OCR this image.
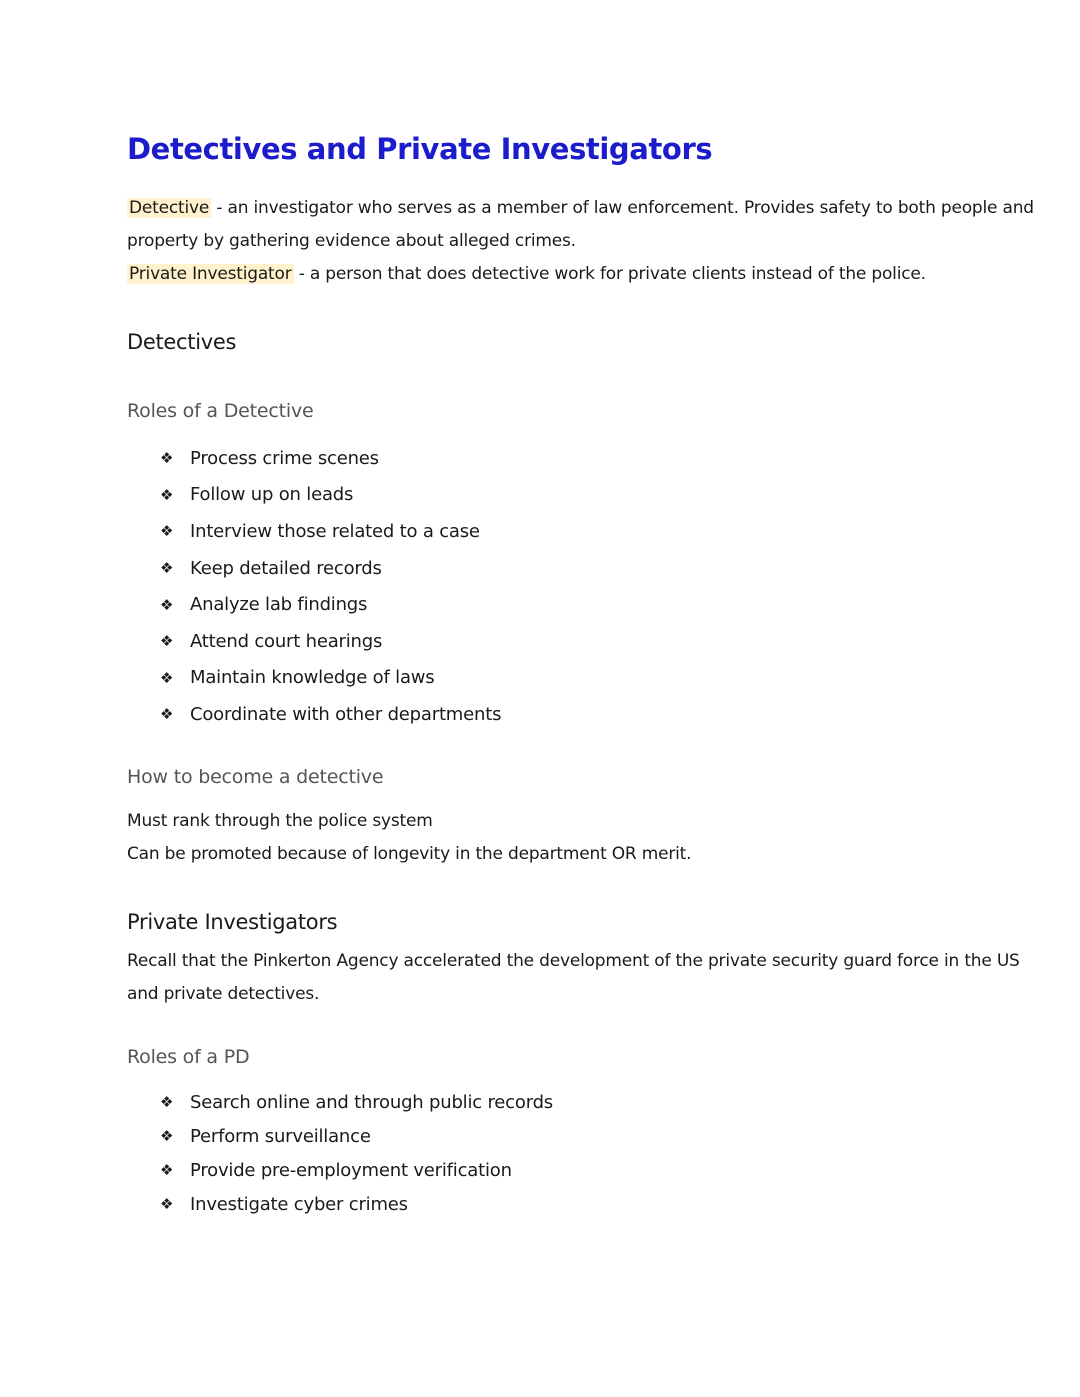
Detectives and Private Investigators

Detective - an investigator who serves as a member of law enforcement. Provides safety to both people and

property by gathering evidence about alleged crimes.

Private Investigator - a person that does detective work for private clients instead of the police.

Detectives
Roles of a Detective
❖ Process crime scenes
❖ Follow up on leads
❖ Interview those related to a case
❖ Keep detailed records
❖ Analyze lab findings
❖ Attend court hearings
❖ Maintain knowledge of laws
❖ Coordinate with other departments
How to become a detective

Must rank through the police system

Can be promoted because of longevity in the department OR merit.

Private Investigators

Recall that the Pinkerton Agency accelerated the development of the private security guard force in the US

and private detectives.

Roles of a PD
❖ Search online and through public records
❖ Perform surveillance
❖ Provide pre-employment verification
❖ Investigate cyber crimes
